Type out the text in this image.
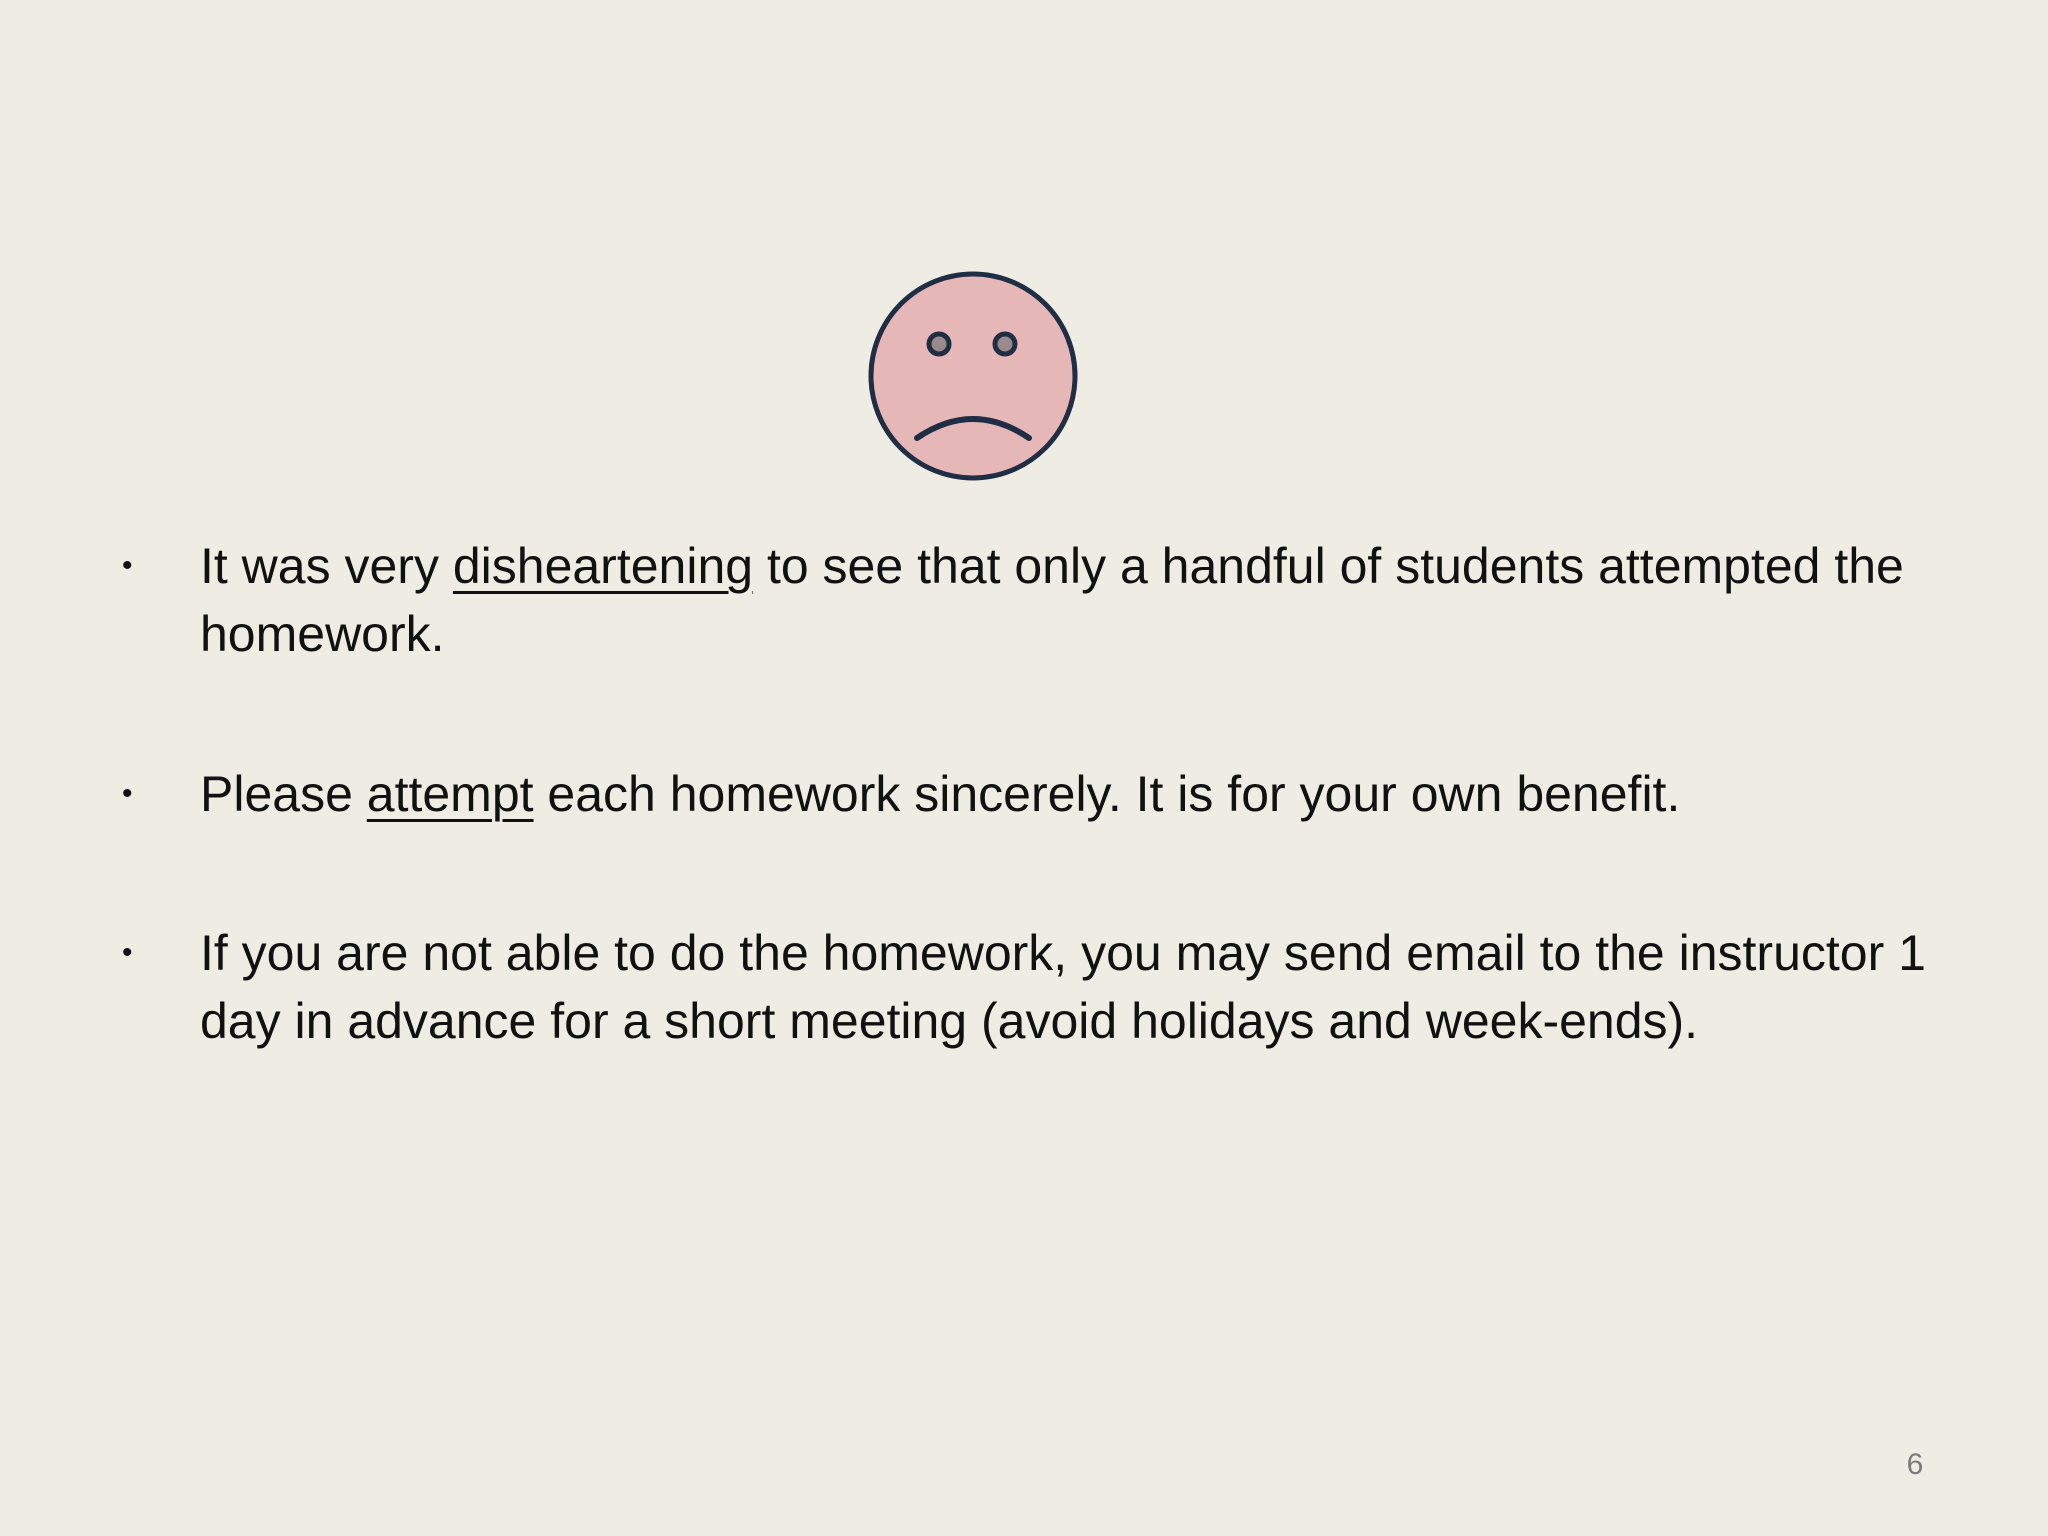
• It was very disheartening to see that only a handful of students attempted the homework.
• Please attempt each homework sincerely. It is for your own benefit.
• If you are not able to do the homework, you may send email to the instructor 1 day in advance for a short meeting (avoid holidays and week-ends).
6
